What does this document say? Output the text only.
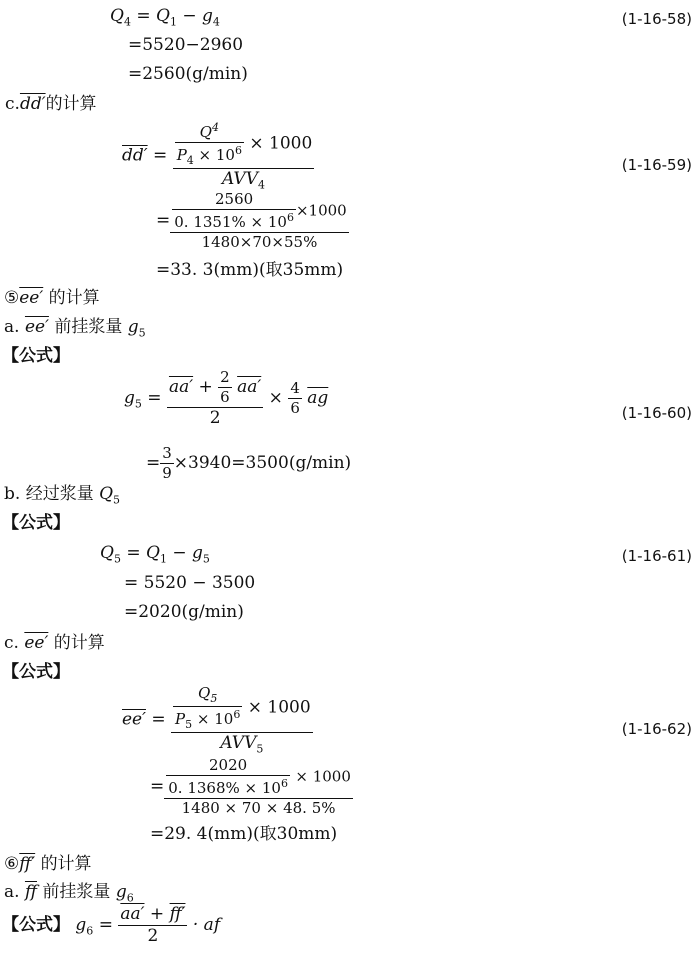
$Q_4 = Q_1 - g_4$	(1-16-58)
=5520−2960
=2560(g/min)
c.dd′的计算
$dd' = \frac{\frac{Q^4}{P_4 \times 10^6} \times 1000}{AVV_4}$	(1-16-59)
= $\frac{\frac{2560}{0. 1351\% \times 10^6} \times 1000}{1480\times 70\times 55\%}$
=33. 3(mm)(取35mm)
⑤ee′ 的计算
a. ee′ 前挂浆量 $g_5$
【公式】
$g_5 = \frac{aa' + \frac{2}{6} aa'}{2} \times \frac{4}{6} \overline{ag}$
(1-16-60)
= $\frac{3}{9} \times 3940=3500(g/\min)$
b. 经过浆量 $Q_5$
【公式】
$Q_5 = Q_1 - g_5$	(1-16-61)
= 5520 − 3500
=2020(g/min)
c. ee′ 的计算
【公式】
$ee' = \frac{\frac{Q_5}{P_5 \times 10^6} \times 1000}{AVV_5}$	(1-16-62)
= $\frac{\frac{2020}{0. 1368\% \times 10^6} \times 1000}{1480 \times 70 \times 48. 5\%}$
=29. 4(mm)(取30mm)
⑥ff′ 的计算
a. $\overline{ff}$ 前挂浆量 $g_6$
【公式】 $g_6 = \frac{aa' + ff'}{2}$ · af
